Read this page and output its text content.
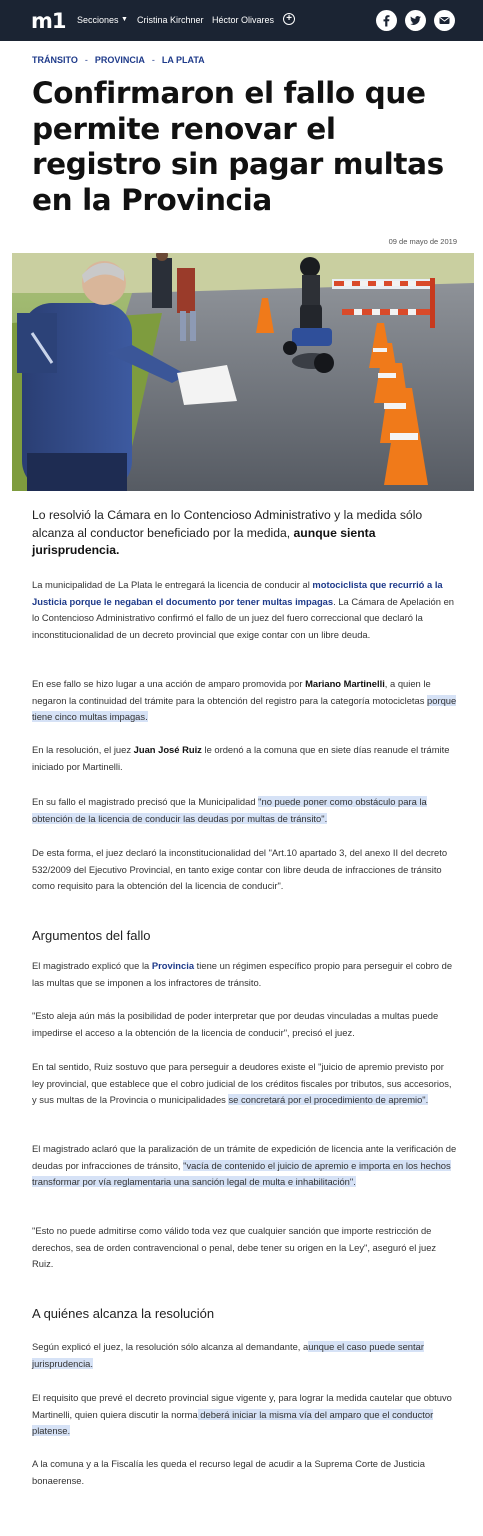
m1 Secciones ▼ Cristina Kirchner Héctor Olivares	+
TRÁNSITO - PROVINCIA - LA PLATA
Confirmaron el fallo que permite renovar el registro sin pagar multas en la Provincia
09 de mayo de 2019

Lo resolvió la Cámara en lo Contencioso Administrativo y la medida sólo alcanza al conductor beneficiado por la medida, aunque sienta jurisprudencia.

La municipalidad de La Plata le entregará la licencia de conducir al motociclista que recurrió a la Justicia porque le negaban el documento por tener multas impagas. La Cámara de Apelación en lo Contencioso Administrativo confirmó el fallo de un juez del fuero correccional que declaró la inconstitucionalidad de un decreto provincial que exige contar con un libre deuda.

En ese fallo se hizo lugar a una acción de amparo promovida por Mariano Martinelli, a quien le negaron la continuidad del trámite para la obtención del registro para la categoría motocicletas porque tiene cinco multas impagas.

En la resolución, el juez Juan José Ruiz le ordenó a la comuna que en siete días reanude el trámite iniciado por Martinelli.

En su fallo el magistrado precisó que la Municipalidad "no puede poner como obstáculo para la obtención de la licencia de conducir las deudas por multas de tránsito".

De esta forma, el juez declaró la inconstitucionalidad del "Art.10 apartado 3, del anexo II del decreto 532/2009 del Ejecutivo Provincial, en tanto exige contar con libre deuda de infracciones de tránsito como requisito para la obtención del la licencia de conducir".

Argumentos del fallo

El magistrado explicó que la Provincia tiene un régimen específico propio para perseguir el cobro de las multas que se imponen a los infractores de tránsito.

"Esto aleja aún más la posibilidad de poder interpretar que por deudas vinculadas a multas puede impedirse el acceso a la obtención de la licencia de conducir", precisó el juez.

En tal sentido, Ruiz sostuvo que para perseguir a deudores existe el "juicio de apremio previsto por ley provincial, que establece que el cobro judicial de los créditos fiscales por tributos, sus accesorios, y sus multas de la Provincia o municipalidades se concretará por el procedimiento de apremio".

El magistrado aclaró que la paralización de un trámite de expedición de licencia ante la verificación de deudas por infracciones de tránsito, "vacía de contenido el juicio de apremio e importa en los hechos transformar por vía reglamentaria una sanción legal de multa e inhabilitación".

"Esto no puede admitirse como válido toda vez que cualquier sanción que importe restricción de derechos, sea de orden contravencional o penal, debe tener su origen en la Ley", aseguró el juez Ruiz.

A quiénes alcanza la resolución

Según explicó el juez, la resolución sólo alcanza al demandante, aunque el caso puede sentar jurisprudencia.

El requisito que prevé el decreto provincial sigue vigente y, para lograr la medida cautelar que obtuvo Martinelli, quien quiera discutir la norma deberá iniciar la misma vía del amparo que el conductor platense.

A la comuna y a la Fiscalía les queda el recurso legal de acudir a la Suprema Corte de Justicia bonaerense.
